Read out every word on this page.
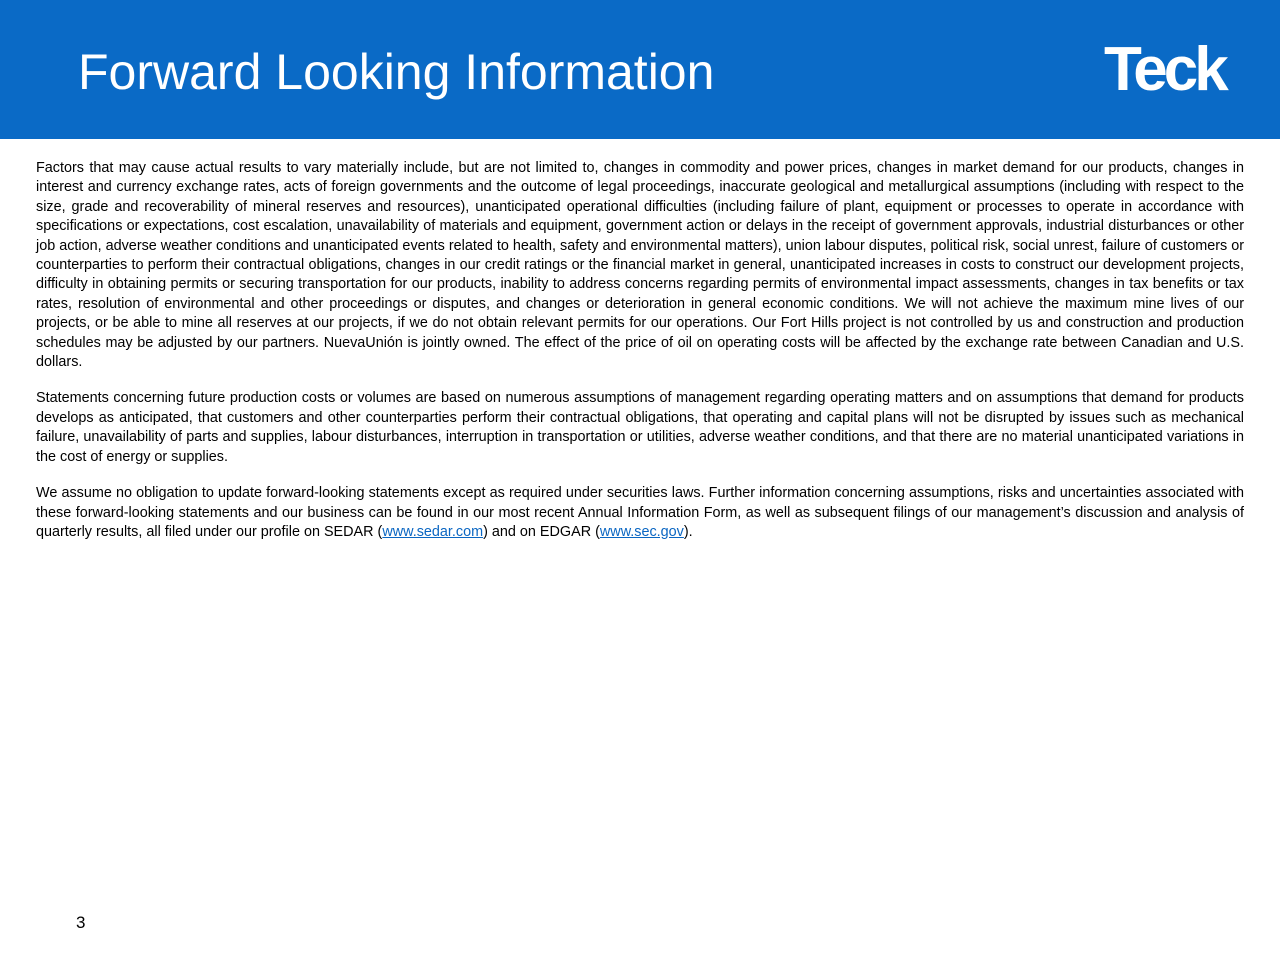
Forward Looking Information	Teck

Factors that may cause actual results to vary materially include, but are not limited to, changes in commodity and power prices, changes in market demand for our products, changes in interest and currency exchange rates, acts of foreign governments and the outcome of legal proceedings, inaccurate geological and metallurgical assumptions (including with respect to the size, grade and recoverability of mineral reserves and resources), unanticipated operational difficulties (including failure of plant, equipment or processes to operate in accordance with specifications or expectations, cost escalation, unavailability of materials and equipment, government action or delays in the receipt of government approvals, industrial disturbances or other job action, adverse weather conditions and unanticipated events related to health, safety and environmental matters), union labour disputes, political risk, social unrest, failure of customers or counterparties to perform their contractual obligations, changes in our credit ratings or the financial market in general, unanticipated increases in costs to construct our development projects, difficulty in obtaining permits or securing transportation for our products, inability to address concerns regarding permits of environmental impact assessments, changes in tax benefits or tax rates, resolution of environmental and other proceedings or disputes, and changes or deterioration in general economic conditions. We will not achieve the maximum mine lives of our projects, or be able to mine all reserves at our projects, if we do not obtain relevant permits for our operations. Our Fort Hills project is not controlled by us and construction and production schedules may be adjusted by our partners. NuevaUnión is jointly owned. The effect of the price of oil on operating costs will be affected by the exchange rate between Canadian and U.S. dollars.

Statements concerning future production costs or volumes are based on numerous assumptions of management regarding operating matters and on assumptions that demand for products develops as anticipated, that customers and other counterparties perform their contractual obligations, that operating and capital plans will not be disrupted by issues such as mechanical failure, unavailability of parts and supplies, labour disturbances, interruption in transportation or utilities, adverse weather conditions, and that there are no material unanticipated variations in the cost of energy or supplies.

We assume no obligation to update forward-looking statements except as required under securities laws. Further information concerning assumptions, risks and uncertainties associated with these forward-looking statements and our business can be found in our most recent Annual Information Form, as well as subsequent filings of our management’s discussion and analysis of quarterly results, all filed under our profile on SEDAR (www.sedar.com) and on EDGAR (www.sec.gov).

3
